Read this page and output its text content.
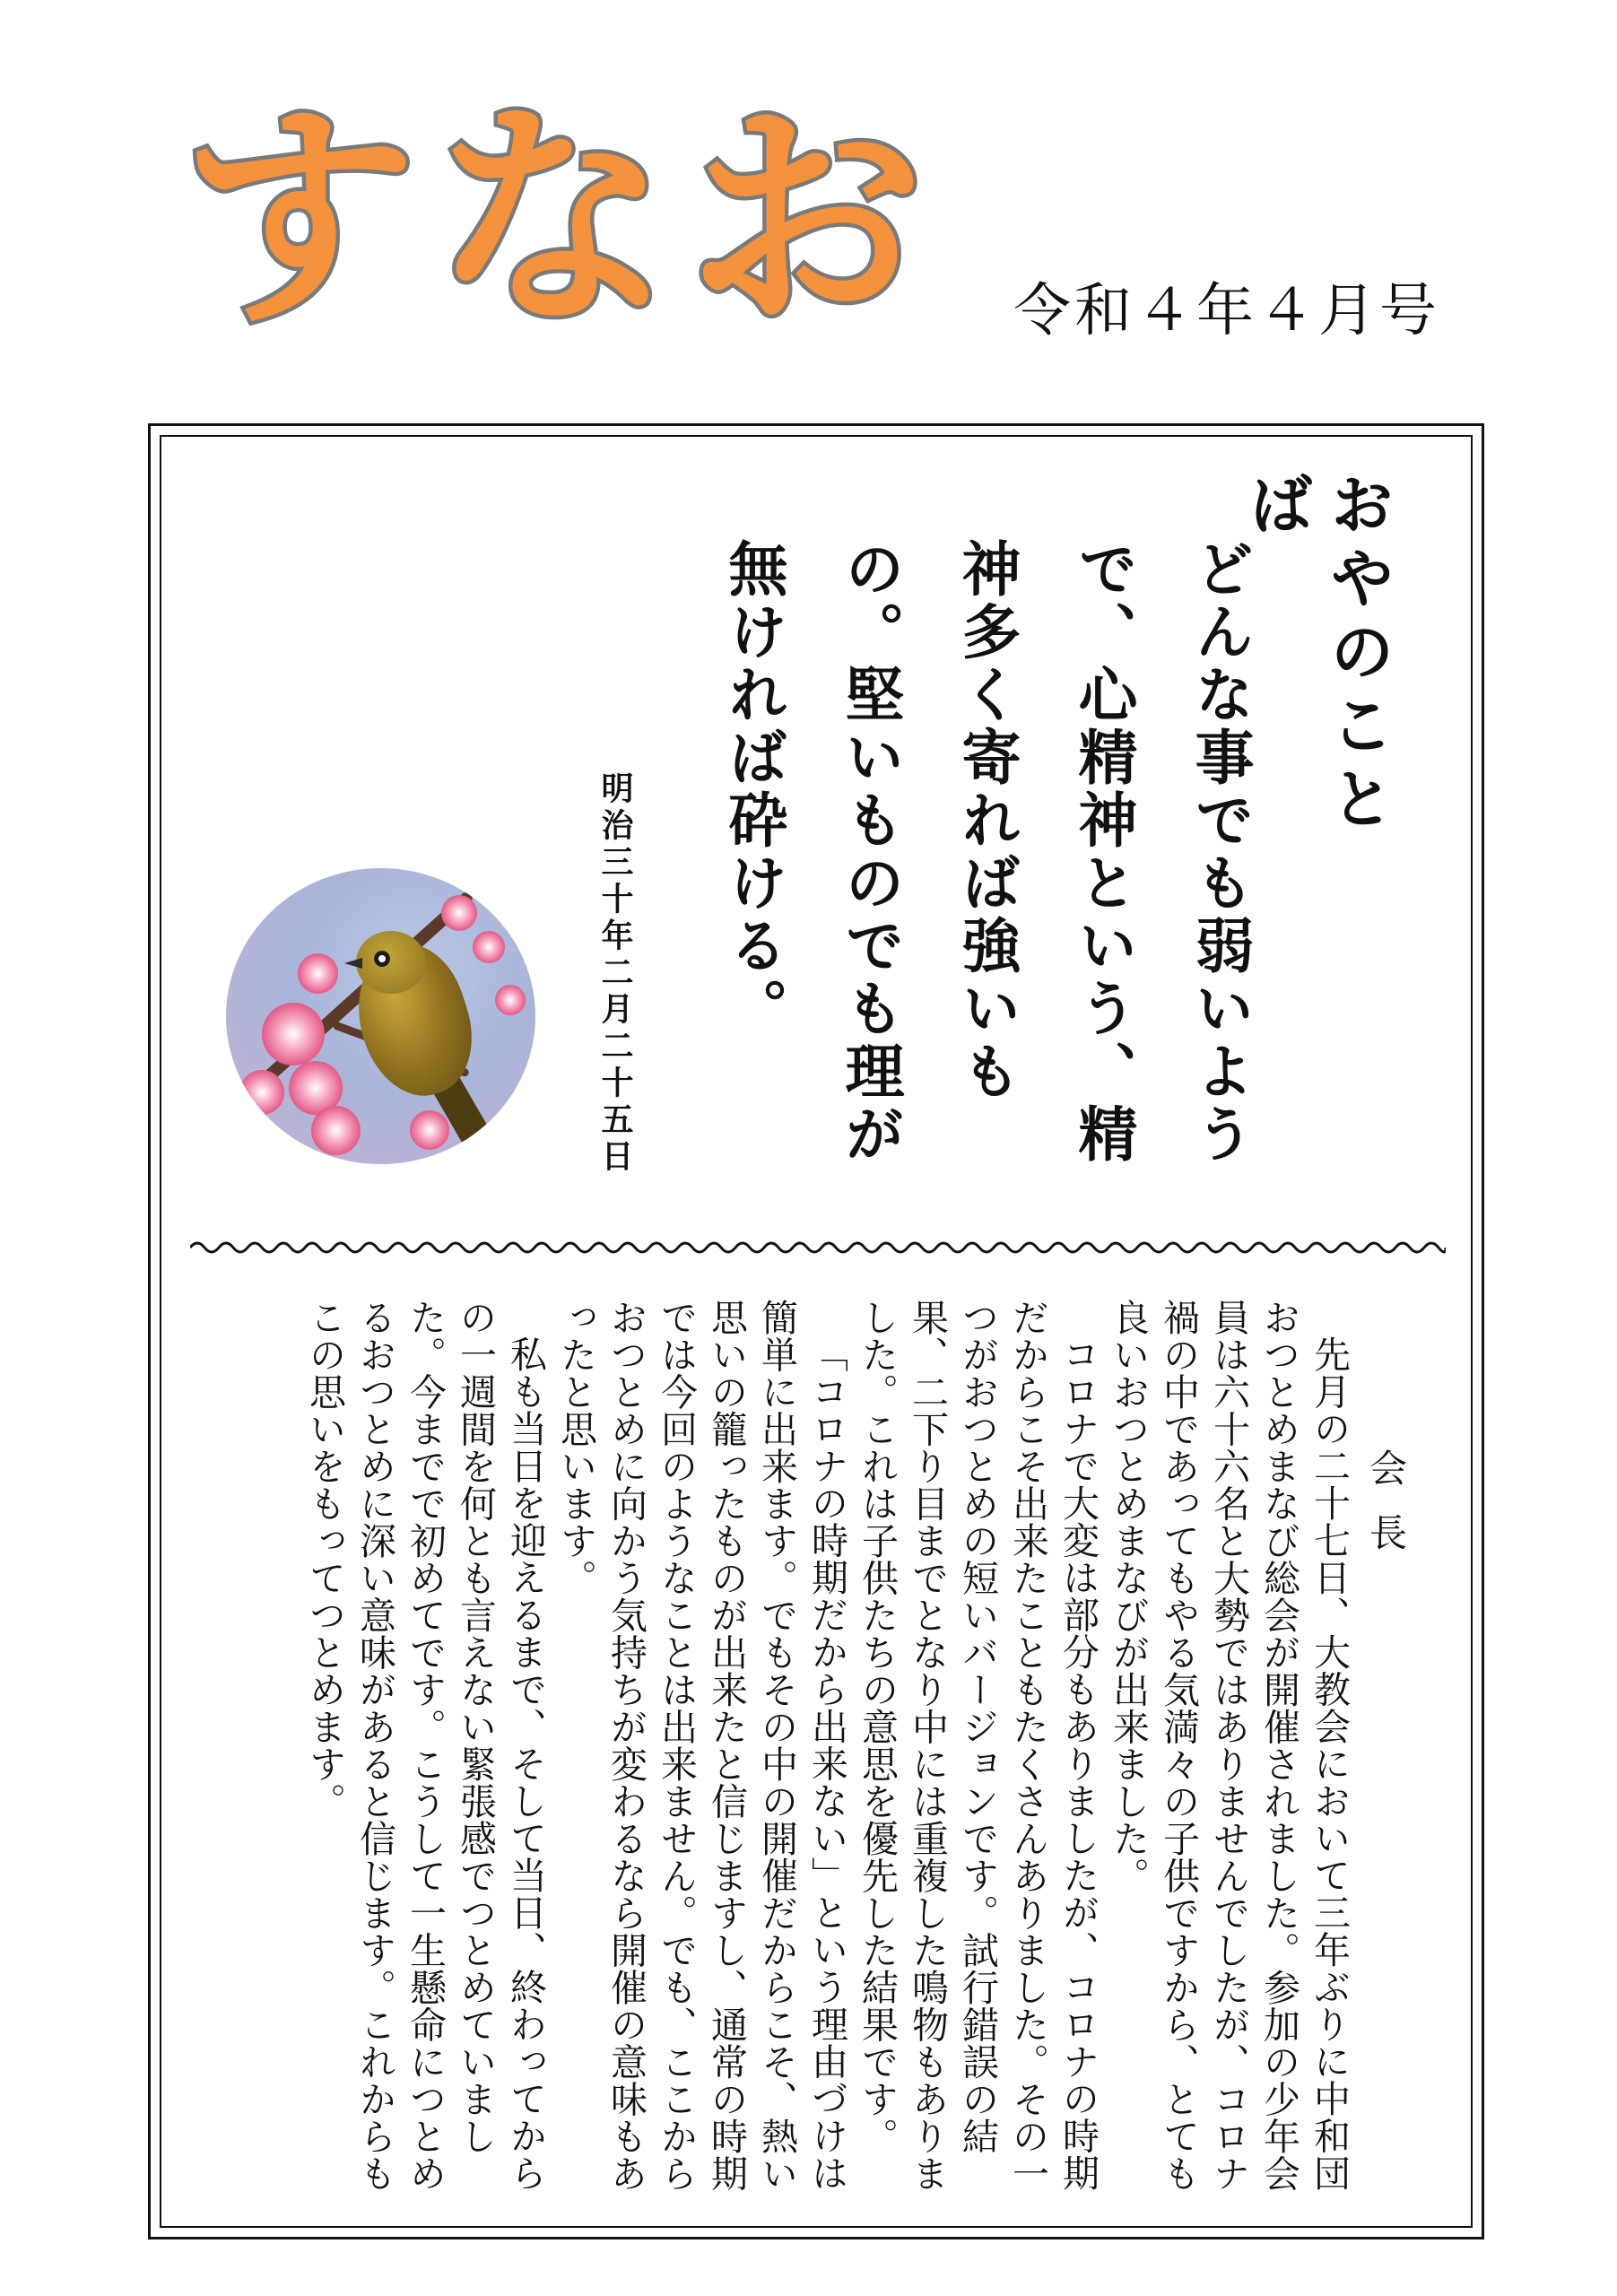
すなお 令和４年４月号
おやのことば
どんな事でも弱いようで、心精神という、精神多く寄れば強いもの。堅いものでも理が無ければ砕ける。
明治三十年二月二十五日
会長

先月の二十七日、大教会において三年ぶりに中和団おつとめまなび総会が開催されました。参加の少年会員は六十六名と大勢ではありませんでしたが、コロナ禍の中であってもやる気満々の子供ですから、とても良いおつとめまなびが出来ました。

コロナで大変は部分もありましたが、コロナの時期だからこそ出来たこともたくさんありました。その一つがおつとめの短いバージョンです。試行錯誤の結果、二下り目までとなり中には重複した鳴物もありました。これは子供たちの意思を優先した結果です。

「コロナの時期だから出来ない」という理由づけは簡単に出来ます。でもその中の開催だからこそ、熱い思いの籠ったものが出来たと信じますし、通常の時期では今回のようなことは出来ません。でも、ここからおつとめに向かう気持ちが変わるなら開催の意味もあったと思います。

私も当日を迎えるまで、そして当日、終わってからの一週間を何とも言えない緊張感でつとめていました。今までで初めてです。こうして一生懸命につとめるおつとめに深い意味があると信じます。これからもこの思いをもってつとめます。
